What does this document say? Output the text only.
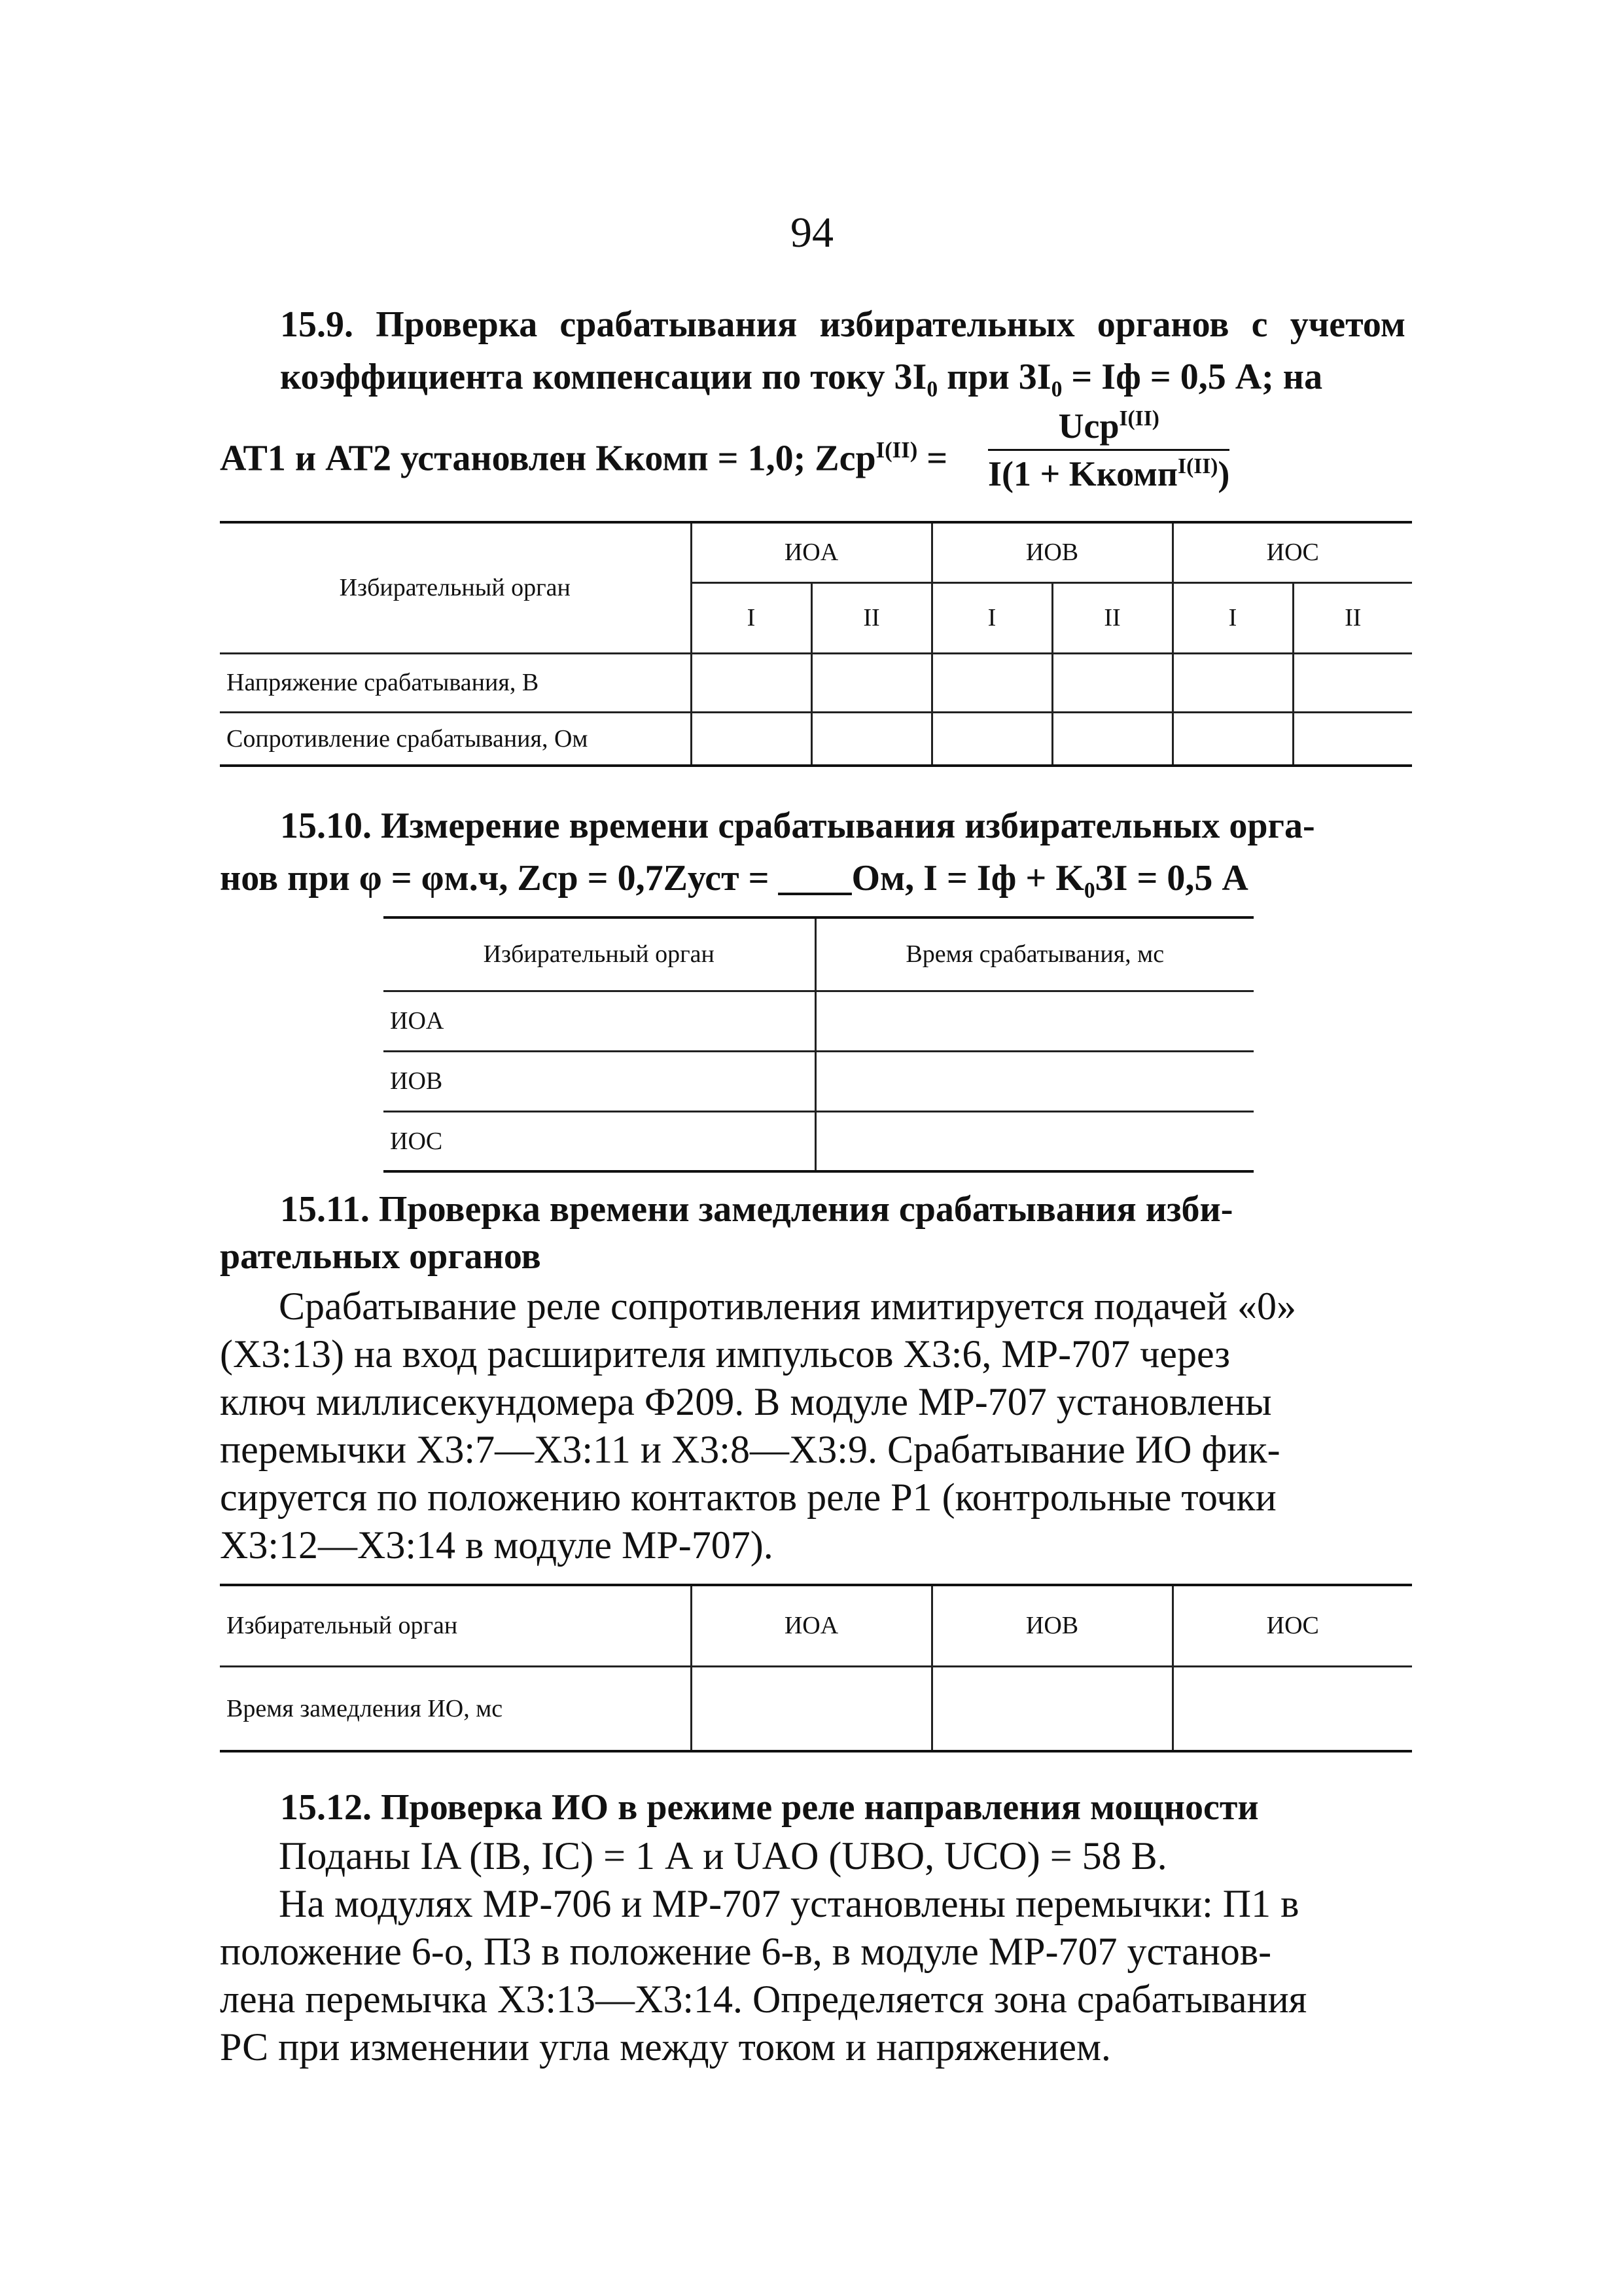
94
15.9. Проверка срабатывания избирательных органов с учетом коэффициента компенсации по току 3I₀ при 3I₀ = Iф = 0,5 А; на
АТ1 и АТ2 установлен Kкомп = 1,0; Zср$^{I(II)}$ =
Uср$^{I(II)}$
I(1 + Kкомп$^{I(II)}$)
Избирательный орган	ИОA		ИОB		ИОC	
	I	II	I	II	I	II
Напряжение срабатывания, В						
Сопротивление срабатывания, Ом						
15.10. Измерение времени срабатывания избирательных орга-
нов при φ = φм.ч, Zср = 0,7Zуст = ____Ом, I = Iф + K₀3I = 0,5 А
Избирательный орган	Время срабатывания, мс
ИОA	
ИОB	
ИОC	
15.11. Проверка времени замедления срабатывания изби-
рательных органов
Срабатывание реле сопротивления имитируется подачей «0»
(X3:13) на вход расширителя импульсов X3:6, МР-707 через
ключ миллисекундомера Ф209. В модуле МР-707 установлены
перемычки X3:7—X3:11 и X3:8—X3:9. Срабатывание ИО фик-
сируется по положению контактов реле Р1 (контрольные точки
X3:12—X3:14 в модуле МР-707).
Избирательный орган	ИОA	ИОB	ИОC
Время замедления ИО, мс			
15.12. Проверка ИО в режиме реле направления мощности
Поданы IA (IB, IC) = 1 А и UAO (UBO, UCO) = 58 В.
На модулях МР-706 и МР-707 установлены перемычки: П1 в
положение 6-о, П3 в положение 6-в, в модуле МР-707 установ-
лена перемычка X3:13—X3:14. Определяется зона срабатывания
РС при изменении угла между током и напряжением.
